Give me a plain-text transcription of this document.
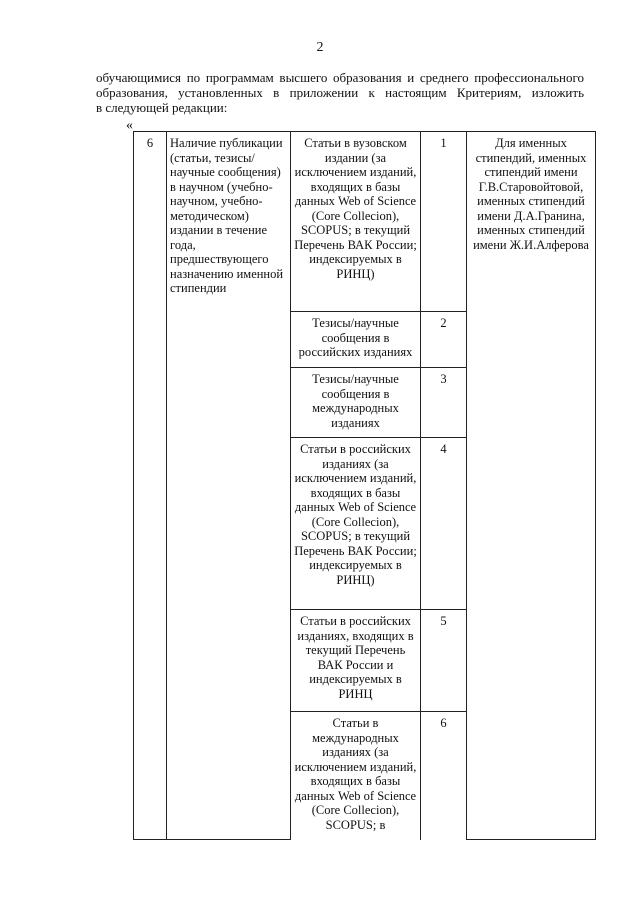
2
обучающимися по программам высшего образования и среднего профессионального
образования, установленных в приложении к настоящим Критериям, изложить
в следующей редакции:
«
6	Наличие публикации (статьи, тезисы/научные сообщения) в научном (учебно-научном, учебно-методическом) издании в течение года, предшествующего назначению именной стипендии	Статьи в вузовском издании (за исключением изданий, входящих в базы данных Web of Science (Core Collecion), SCOPUS; в текущий Перечень ВАК России; индексируемых в РИНЦ)	1	Для именных стипендий, именных стипендий имени Г.В.Старовойтовой, именных стипендий имени Д.А.Гранина, именных стипендий имени Ж.И.Алферова
		Тезисы/научные сообщения в российских изданиях	2	
		Тезисы/научные сообщения в международных изданиях	3	
		Статьи в российских изданиях (за исключением изданий, входящих в базы данных Web of Science (Core Collecion), SCOPUS; в текущий Перечень ВАК России; индексируемых в РИНЦ)	4	
		Статьи в российских изданиях, входящих в текущий Перечень ВАК России и индексируемых в РИНЦ	5	
		Статьи в международных изданиях (за исключением изданий, входящих в базы данных Web of Science (Core Collecion), SCOPUS; в	6	
